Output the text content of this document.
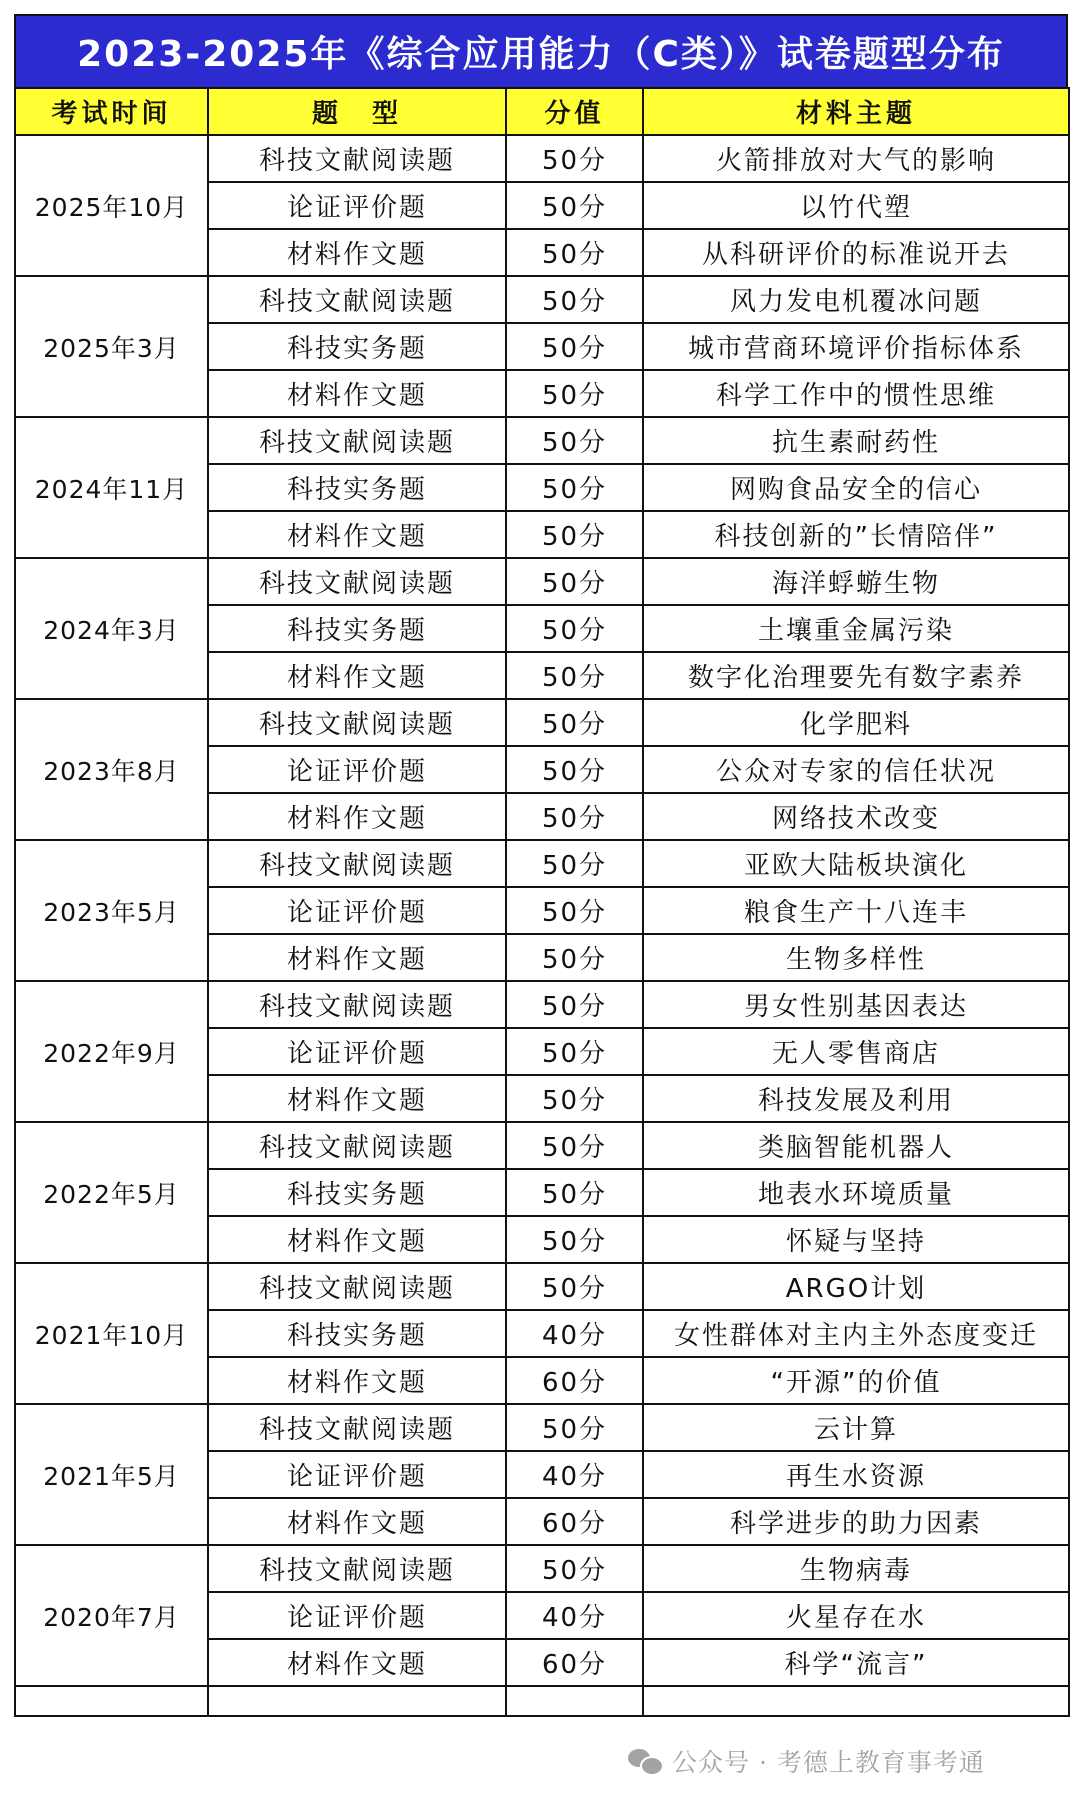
2023-2025年《综合应用能力（C类）》试卷题型分布
考试时间	题　型	分值	材料主题
2025年10月	科技文献阅读题	50分	火箭排放对大气的影响
	论证评价题	50分	以竹代塑
	材料作文题	50分	从科研评价的标准说开去
2025年3月	科技文献阅读题	50分	风力发电机覆冰问题
	科技实务题	50分	城市营商环境评价指标体系
	材料作文题	50分	科学工作中的惯性思维
2024年11月	科技文献阅读题	50分	抗生素耐药性
	科技实务题	50分	网购食品安全的信心
	材料作文题	50分	科技创新的”长情陪伴”
2024年3月	科技文献阅读题	50分	海洋蜉蝣生物
	科技实务题	50分	土壤重金属污染
	材料作文题	50分	数字化治理要先有数字素养
2023年8月	科技文献阅读题	50分	化学肥料
	论证评价题	50分	公众对专家的信任状况
	材料作文题	50分	网络技术改变
2023年5月	科技文献阅读题	50分	亚欧大陆板块演化
	论证评价题	50分	粮食生产十八连丰
	材料作文题	50分	生物多样性
2022年9月	科技文献阅读题	50分	男女性别基因表达
	论证评价题	50分	无人零售商店
	材料作文题	50分	科技发展及利用
2022年5月	科技文献阅读题	50分	类脑智能机器人
	科技实务题	50分	地表水环境质量
	材料作文题	50分	怀疑与坚持
2021年10月	科技文献阅读题	50分	ARGO计划
	科技实务题	40分	女性群体对主内主外态度变迁
	材料作文题	60分	“开源”的价值
2021年5月	科技文献阅读题	50分	云计算
	论证评价题	40分	再生水资源
	材料作文题	60分	科学进步的助力因素
2020年7月	科技文献阅读题	50分	生物病毒
	论证评价题	40分	火星存在水
	材料作文题	60分	科学“流言”

公众号 · 考德上教育事考通
